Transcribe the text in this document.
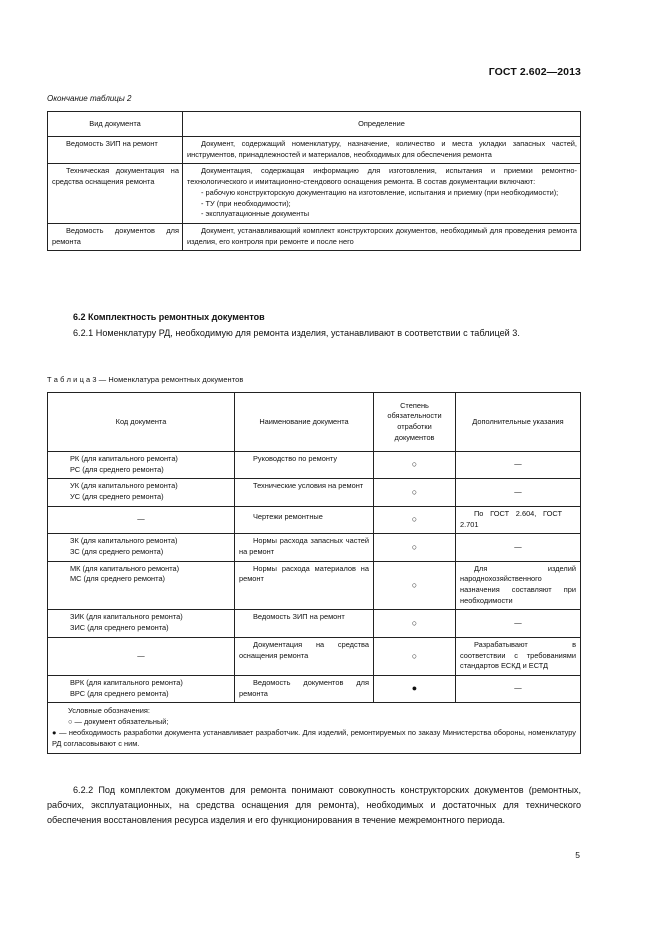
ГОСТ 2.602—2013
Окончание таблицы 2
Вид документа	Определение
Ведомость ЗИП на ремонт	Документ, содержащий номенклатуру, назначение, количество и места укладки запасных частей, инструментов, принадлежностей и материалов, необходимых для обеспечения ремонта

Техническая документация на средства оснащения ремонта	Документация, содержащая информацию для изготовления, испытания и приемки ремонтно-технологического и имитационно-стендового оснащения ремонта. В состав документации включают:
- рабочую конструкторскую документацию на изготовление, испытания и приемку (при необходимости);
- ТУ (при необходимости);
- эксплуатационные документы

Ведомость документов для ремонта	Документ, устанавливающий комплект конструкторских документов, необходимый для проведения ремонта изделия, его контроля при ремонте и после него
6.2 Комплектность ремонтных документов
6.2.1 Номенклатуру РД, необходимую для ремонта изделия, устанавливают в соответствии с таблицей 3.
Т а б л и ц а 3 — Номенклатура ремонтных документов
Код документа	Наименование документа	Степень обязательности отработки документов	Дополнительные указания

РК (для капитального ремонта)
РС (для среднего ремонта)	Руководство по ремонту	○	—

УК (для капитального ремонта)
УС (для среднего ремонта)	Технические условия на ремонт	○	—

—	Чертежи ремонтные	○	По ГОСТ 2.604, ГОСТ 2.701

ЗК (для капитального ремонта)
ЗС (для среднего ремонта)	Нормы расхода запасных частей на ремонт	○	—

МК (для капитального ремонта)
МС (для среднего ремонта)	Нормы расхода материалов на ремонт	○	Для изделий народнохозяйственного назначения составляют при необходимости

ЗИК (для капитального ремонта)
ЗИС (для среднего ремонта)	Ведомость ЗИП на ремонт	○	—

—	Документация на средства оснащения ремонта	○	Разрабатывают в соответствии с требованиями стандартов ЕСКД и ЕСТД

ВРК (для капитального ремонта)
ВРС (для среднего ремонта)	Ведомость документов для ремонта	●	—

Условные обозначения:
○ — документ обязательный;
● — необходимость разработки документа устанавливает разработчик. Для изделий, ремонтируемых по заказу Министерства обороны, номенклатуру РД согласовывают с ним.			
6.2.2 Под комплектом документов для ремонта понимают совокупность конструкторских документов (ремонтных, рабочих, эксплуатационных, на средства оснащения для ремонта), необходимых и достаточных для технического обеспечения восстановления ресурса изделия и его функционирования в течение межремонтного периода.
5
